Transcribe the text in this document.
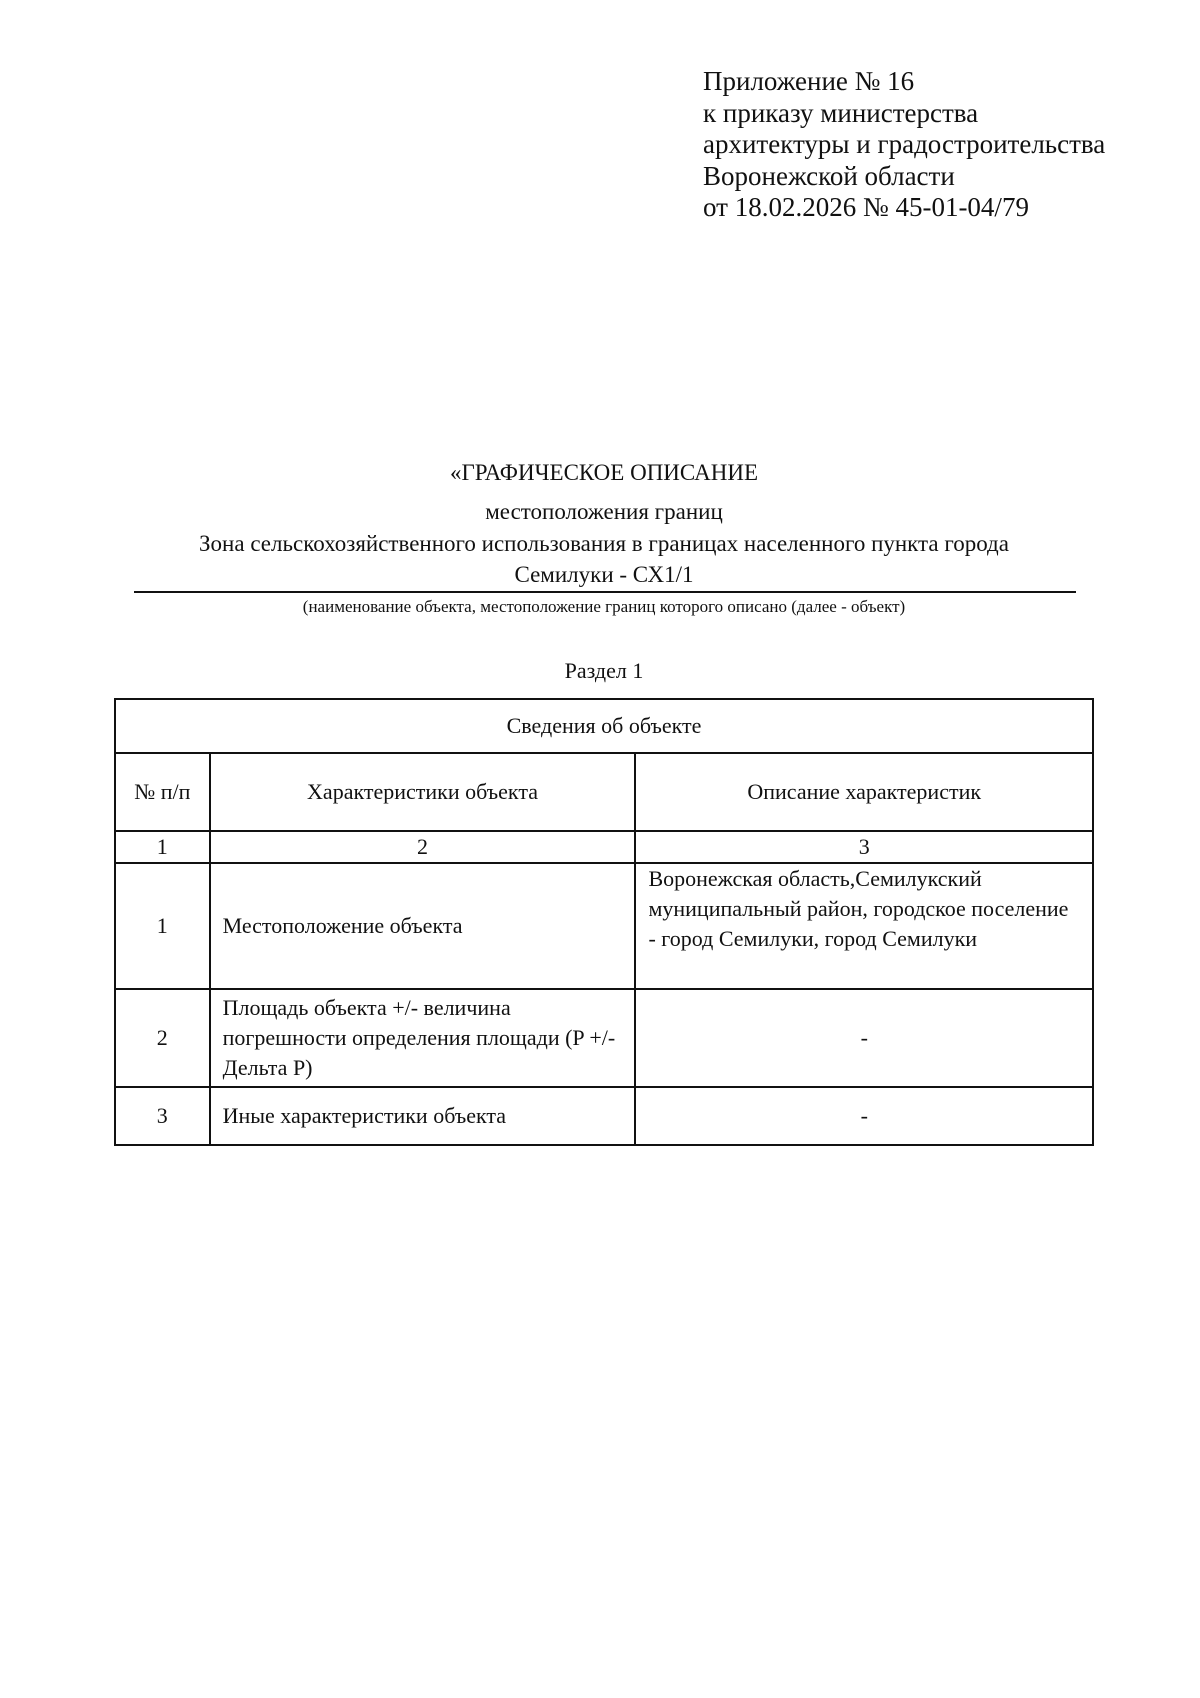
Приложение № 16
к приказу министерства
архитектуры и градостроительства
Воронежской области
от 18.02.2026 № 45-01-04/79
«ГРАФИЧЕСКОЕ ОПИСАНИЕ
местоположения границ
Зона сельскохозяйственного использования в границах населенного пункта города
Семилуки - СХ1/1
(наименование объекта, местоположение границ которого описано (далее - объект)
Раздел 1
Сведения об объекте		
№ п/п	Характеристики объекта	Описание характеристик
1	2	3
1	Местоположение объекта	Воронежская область,Семилукский муниципальный район, городское поселение - город Семилуки, город Семилуки
2	Площадь объекта +/- величина погрешности определения площади (P +/- Дельта P)	-
3	Иные характеристики объекта	-
